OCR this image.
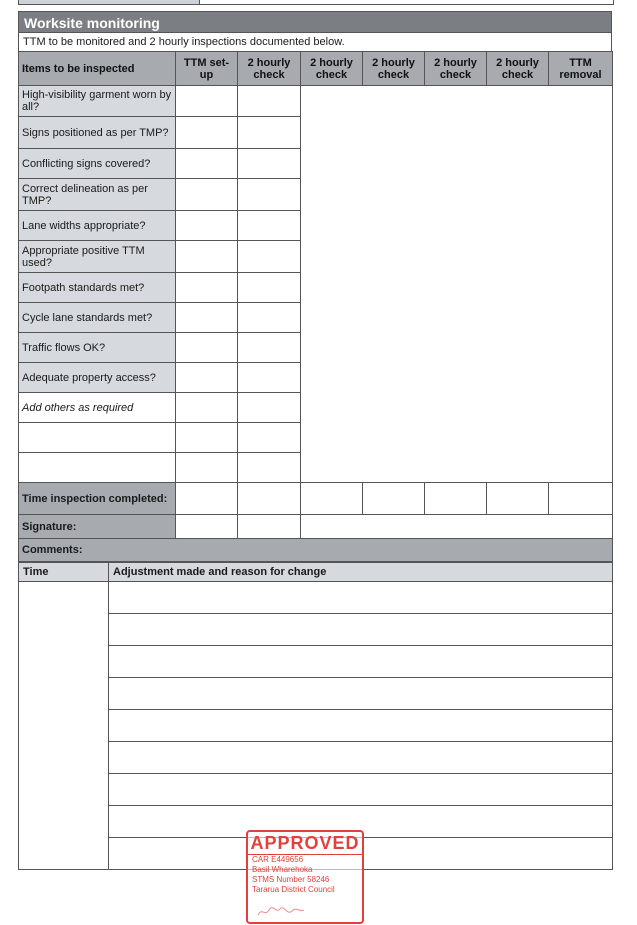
Worksite monitoring
TTM to be monitored and 2 hourly inspections documented below.
Items to be inspected	TTM set-up	2 hourly check	2 hourly check	2 hourly check	2 hourly check	2 hourly check	TTM removal
High-visibility garment worn by all?							
Signs positioned as per TMP?							
Conflicting signs covered?							
Correct delineation as per TMP?							
Lane widths appropriate?							
Appropriate positive TTM used?							
Footpath standards met?							
Cycle lane standards met?							
Traffic flows OK?							
Adequate property access?							
Add others as required							

Time inspection completed:							
Signature:							
Comments:							
Time	Adjustment made and reason for change

APPROVED
CAR E449656
Basil Wharehoka
STMS Number 58246
Tararua District Council
